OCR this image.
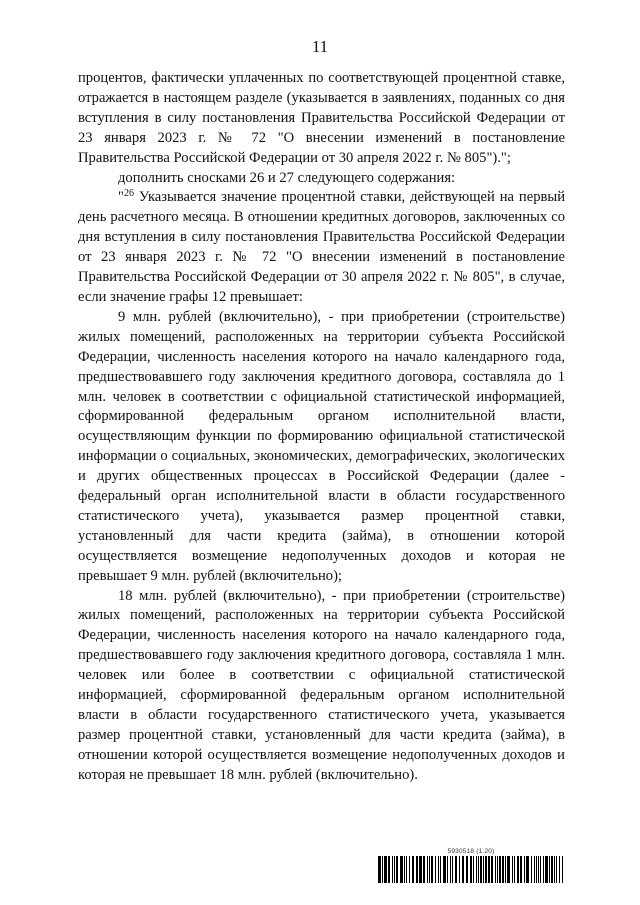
11

процентов, фактически уплаченных по соответствующей процентной ставке, отражается в настоящем разделе (указывается в заявлениях, поданных со дня вступления в силу постановления Правительства Российской Федерации от 23 января 2023 г. № 72 "О внесении изменений в постановление Правительства Российской Федерации от 30 апреля 2022 г. № 805").";

дополнить сносками 26 и 27 следующего содержания:

"$^{26}$ Указывается значение процентной ставки, действующей на первый день расчетного месяца. В отношении кредитных договоров, заключенных со дня вступления в силу постановления Правительства Российской Федерации от 23 января 2023 г. № 72 "О внесении изменений в постановление Правительства Российской Федерации от 30 апреля 2022 г. № 805", в случае, если значение графы 12 превышает:

9 млн. рублей (включительно), - при приобретении (строительстве) жилых помещений, расположенных на территории субъекта Российской Федерации, численность населения которого на начало календарного года, предшествовавшего году заключения кредитного договора, составляла до 1 млн. человек в соответствии с официальной статистической информацией, сформированной федеральным органом исполнительной власти, осуществляющим функции по формированию официальной статистической информации о социальных, экономических, демографических, экологических и других общественных процессах в Российской Федерации (далее - федеральный орган исполнительной власти в области государственного статистического учета), указывается размер процентной ставки, установленный для части кредита (займа), в отношении которой осуществляется возмещение недополученных доходов и которая не превышает 9 млн. рублей (включительно);

18 млн. рублей (включительно), - при приобретении (строительстве) жилых помещений, расположенных на территории субъекта Российской Федерации, численность населения которого на начало календарного года, предшествовавшего году заключения кредитного договора, составляла 1 млн. человек или более в соответствии с официальной статистической информацией, сформированной федеральным органом исполнительной власти в области государственного статистического учета, указывается размер процентной ставки, установленный для части кредита (займа), в отношении которой осуществляется возмещение недополученных доходов и которая не превышает 18 млн. рублей (включительно).

5930518 (1.20)
